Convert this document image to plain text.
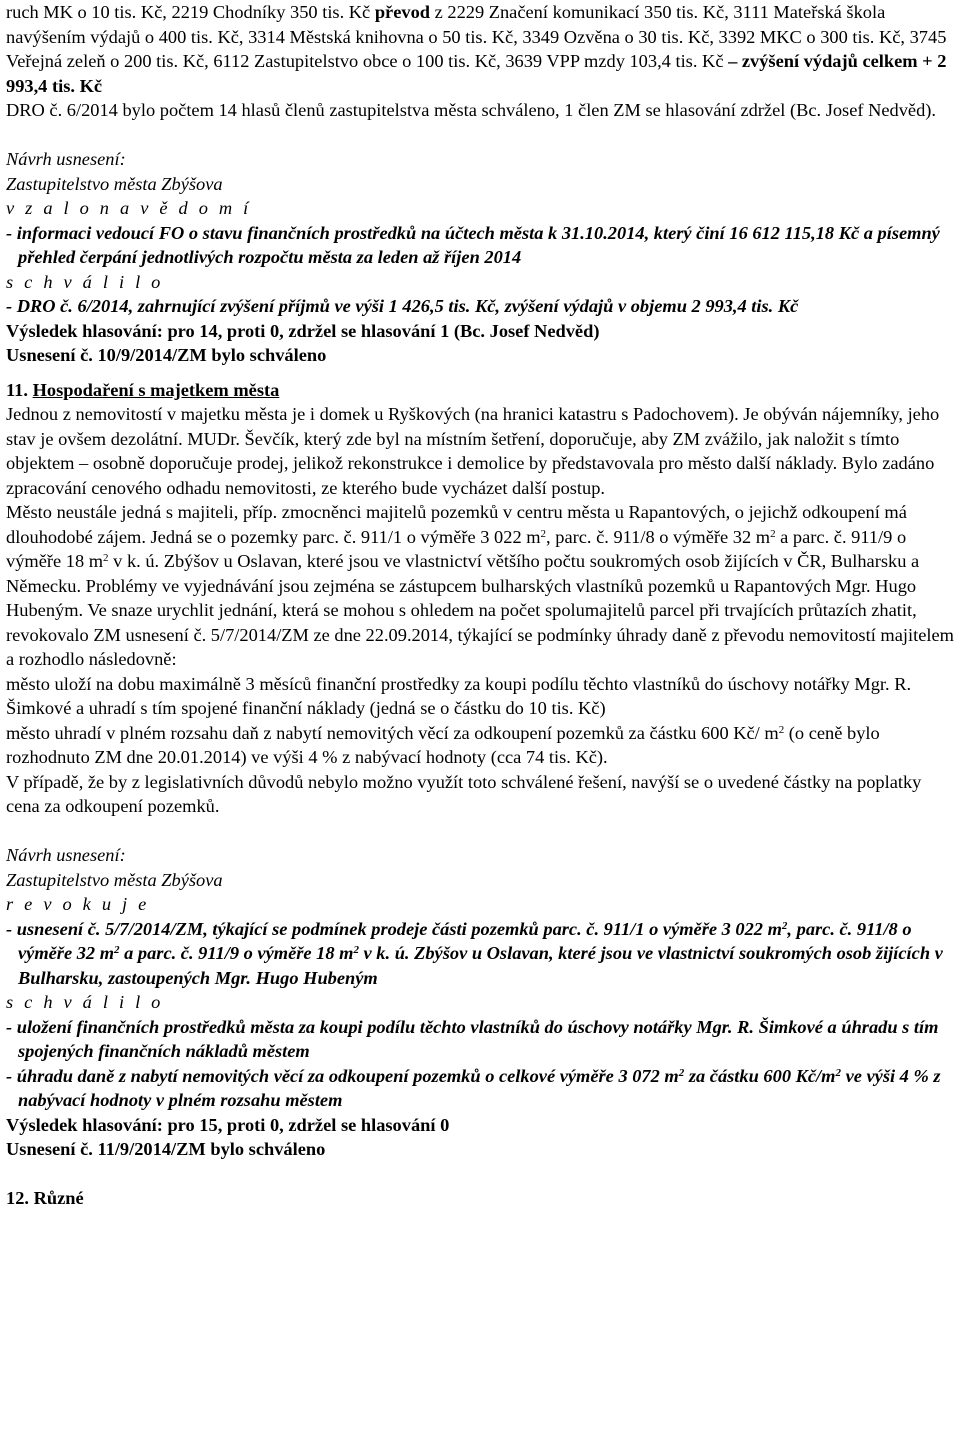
ruch MK o 10 tis. Kč, 2219 Chodníky 350 tis. Kč převod z 2229 Značení komunikací 350 tis. Kč, 3111 Mateřská škola navýšením výdajů o 400 tis. Kč, 3314 Městská knihovna o 50 tis. Kč, 3349 Ozvěna o 30 tis. Kč, 3392 MKC o 300 tis. Kč, 3745 Veřejná zeleň o 200 tis. Kč, 6112 Zastupitelstvo obce o 100 tis. Kč, 3639 VPP mzdy 103,4 tis. Kč – zvýšení výdajů celkem + 2 993,4 tis. Kč

DRO č. 6/2014 bylo počtem 14 hlasů členů zastupitelstva města schváleno, 1 člen ZM se hlasování zdržel (Bc. Josef Nedvěd).

Návrh usnesení:

Zastupitelstvo města Zbýšova

v z a l o n a v ě d o m í

- informaci vedoucí FO o stavu finančních prostředků na účtech města k 31.10.2014, který činí 16 612 115,18 Kč a písemný přehled čerpání jednotlivých rozpočtu města za leden až říjen 2014

s c h v á l i l o

- DRO č. 6/2014, zahrnující zvýšení příjmů ve výši 1 426,5 tis. Kč, zvýšení výdajů v objemu 2 993,4 tis. Kč

Výsledek hlasování: pro 14, proti 0, zdržel se hlasování 1 (Bc. Josef Nedvěd)

Usnesení č. 10/9/2014/ZM bylo schváleno

11. Hospodaření s majetkem města

Jednou z nemovitostí v majetku města je i domek u Ryškových (na hranici katastru s Padochovem). Je obýván nájemníky, jeho stav je ovšem dezolátní. MUDr. Ševčík, který zde byl na místním šetření, doporučuje, aby ZM zvážilo, jak naložit s tímto objektem – osobně doporučuje prodej, jelikož rekonstrukce i demolice by představovala pro město další náklady. Bylo zadáno zpracování cenového odhadu nemovitosti, ze kterého bude vycházet další postup.

Město neustále jedná s majiteli, příp. zmocněnci majitelů pozemků v centru města u Rapantových, o jejichž odkoupení má dlouhodobé zájem. Jedná se o pozemky parc. č. 911/1 o výměře 3 022 $m^2$, parc. č. 911/8 o výměře 32 $m^2$ a parc. č. 911/9 o výměře 18 $m^2$ v k. ú. Zbýšov u Oslavan, které jsou ve vlastnictví většího počtu soukromých osob žijících v ČR, Bulharsku a Německu. Problémy ve vyjednávání jsou zejména se zástupcem bulharských vlastníků pozemků u Rapantových Mgr. Hugo Hubeným. Ve snaze urychlit jednání, která se mohou s ohledem na počet spolumajitelů parcel při trvajících průtazích zhatit, revokovalo ZM usnesení č. 5/7/2014/ZM ze dne 22.09.2014, týkající se podmínky úhrady daně z převodu nemovitostí majitelem a rozhodlo následovně:

město uloží na dobu maximálně 3 měsíců finanční prostředky za koupi podílu těchto vlastníků do úschovy notářky Mgr. R. Šimkové a uhradí s tím spojené finanční náklady (jedná se o částku do 10 tis. Kč)

město uhradí v plném rozsahu daň z nabytí nemovitých věcí za odkoupení pozemků za částku 600 Kč/ $m^2$ (o ceně bylo rozhodnuto ZM dne 20.01.2014) ve výši 4 % z nabývací hodnoty (cca 74 tis. Kč).

V případě, že by z legislativních důvodů nebylo možno využít toto schválené řešení, navýší se o uvedené částky na poplatky cena za odkoupení pozemků.

Návrh usnesení:

Zastupitelstvo města Zbýšova

r e v o k u j e

- usnesení č. 5/7/2014/ZM, týkající se podmínek prodeje části pozemků parc. č. 911/1 o výměře 3 022 $m^2$, parc. č. 911/8 o výměře 32 $m^2$ a parc. č. 911/9 o výměře 18 $m^2$ v k. ú. Zbýšov u Oslavan, které jsou ve vlastnictví soukromých osob žijících v Bulharsku, zastoupených Mgr. Hugo Hubeným

s c h v á l i l o

- uložení finančních prostředků města za koupi podílu těchto vlastníků do úschovy notářky Mgr. R. Šimkové a úhradu s tím spojených finančních nákladů městem

- úhradu daně z nabytí nemovitých věcí za odkoupení pozemků o celkové výměře 3 072 $m^2$ za částku 600 $Kč/m^2$ ve výši 4 % z nabývací hodnoty v plném rozsahu městem

Výsledek hlasování: pro 15, proti 0, zdržel se hlasování 0

Usnesení č. 11/9/2014/ZM bylo schváleno

12. Různé
